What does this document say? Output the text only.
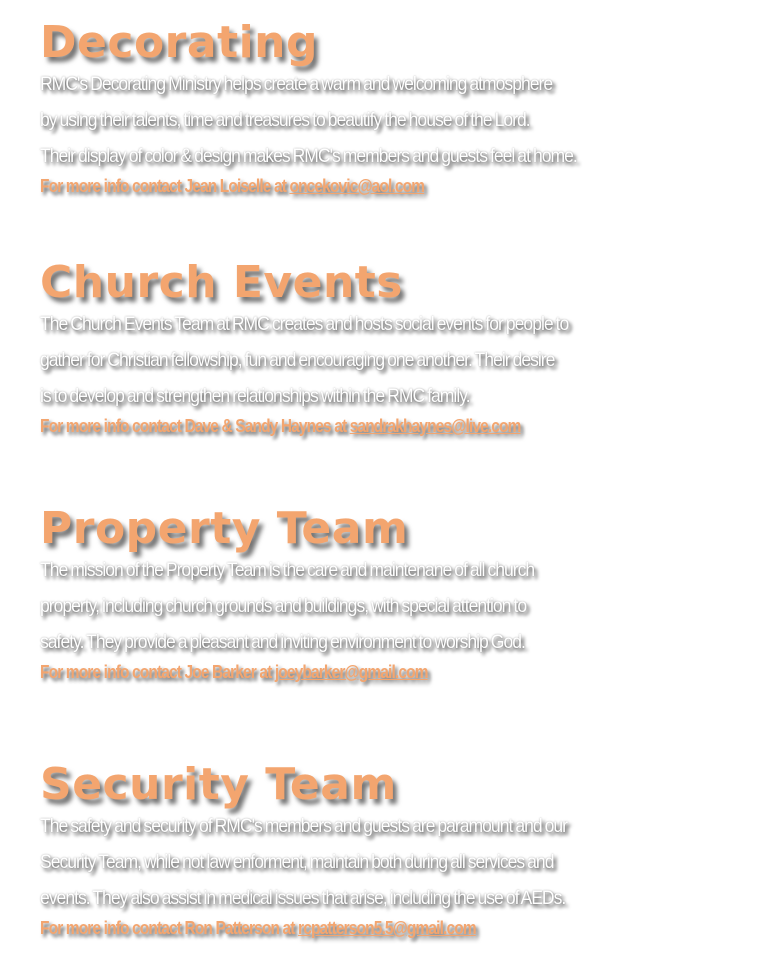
Decorating

RMC's Decorating Ministry helps create a warm and welcoming atmosphere
by using their talents, time and treasures to beautify the house of the Lord.
Their display of color & design makes RMC's members and guests feel at home.

For more info contact Jean Loiselle at oncekovic@aol.com

Church Events

The Church Events Team at RMC creates and hosts social events for people to
gather for Christian fellowship, fun and encouraging one another. Their desire
is to develop and strengthen relationships within the RMC family.

For more info contact Dave & Sandy Haynes at sandrakhaynes@live.com

Property Team

The mission of the Property Team is the care and maintenane of all church
property, including church grounds and buildings, with special attention to
safety. They provide a pleasant and inviting environment to worship God.

For more info contact Joe Barker at joeybarker@gmail.com

Security Team

The safety and security of RMC's members and guests are paramount and our
Security Team, while not law enforment, maintain both during all services and
events. They also assist in medical issues that arise, including the use of AEDs.

For more info contact Ron Patterson at rcpatterson5.5@gmail.com
